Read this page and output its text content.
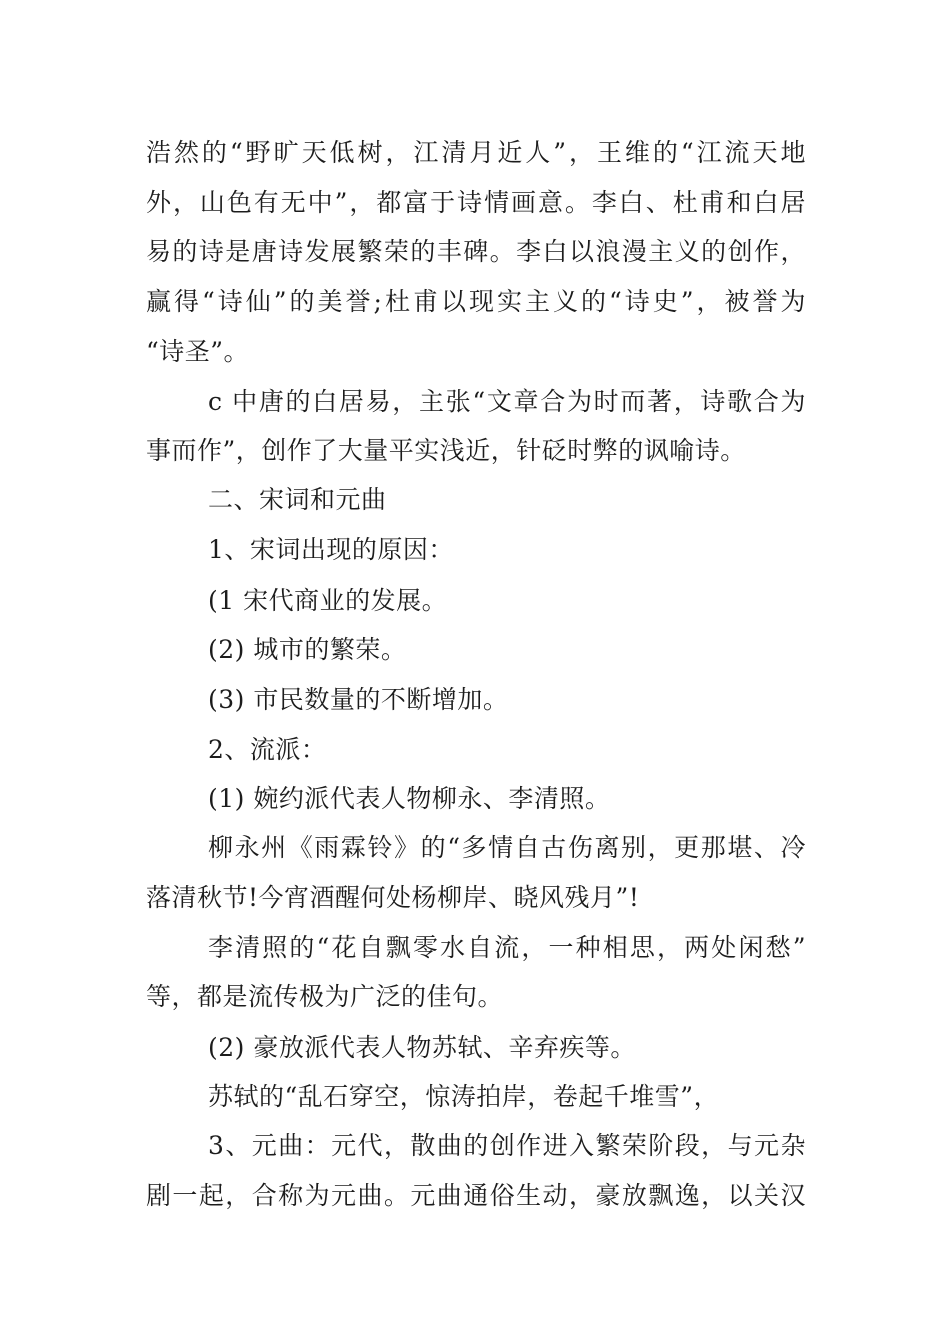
浩然的“野旷天低树，江清月近人”，王维的“江流天地
外，山色有无中”，都富于诗情画意。李白、杜甫和白居
易的诗是唐诗发展繁荣的丰碑。李白以浪漫主义的创作，
赢得“诗仙”的美誉;杜甫以现实主义的“诗史”，被誉为
“诗圣”。
c 中唐的白居易，主张“文章合为时而著，诗歌合为
事而作”，创作了大量平实浅近，针砭时弊的讽喻诗。
二、宋词和元曲
1、宋词出现的原因：
(1 宋代商业的发展。
(2) 城市的繁荣。
(3) 市民数量的不断增加。
2、流派：
(1) 婉约派代表人物柳永、李清照。
柳永州《雨霖铃》的“多情自古伤离别，更那堪、冷
落清秋节!今宵酒醒何处杨柳岸、晓风残月”!
李清照的“花自飘零水自流，一种相思，两处闲愁”
等，都是流传极为广泛的佳句。
(2) 豪放派代表人物苏轼、辛弃疾等。
苏轼的“乱石穿空，惊涛拍岸，卷起千堆雪”，
3、元曲：元代，散曲的创作进入繁荣阶段，与元杂
剧一起，合称为元曲。元曲通俗生动，豪放飘逸，以关汉
